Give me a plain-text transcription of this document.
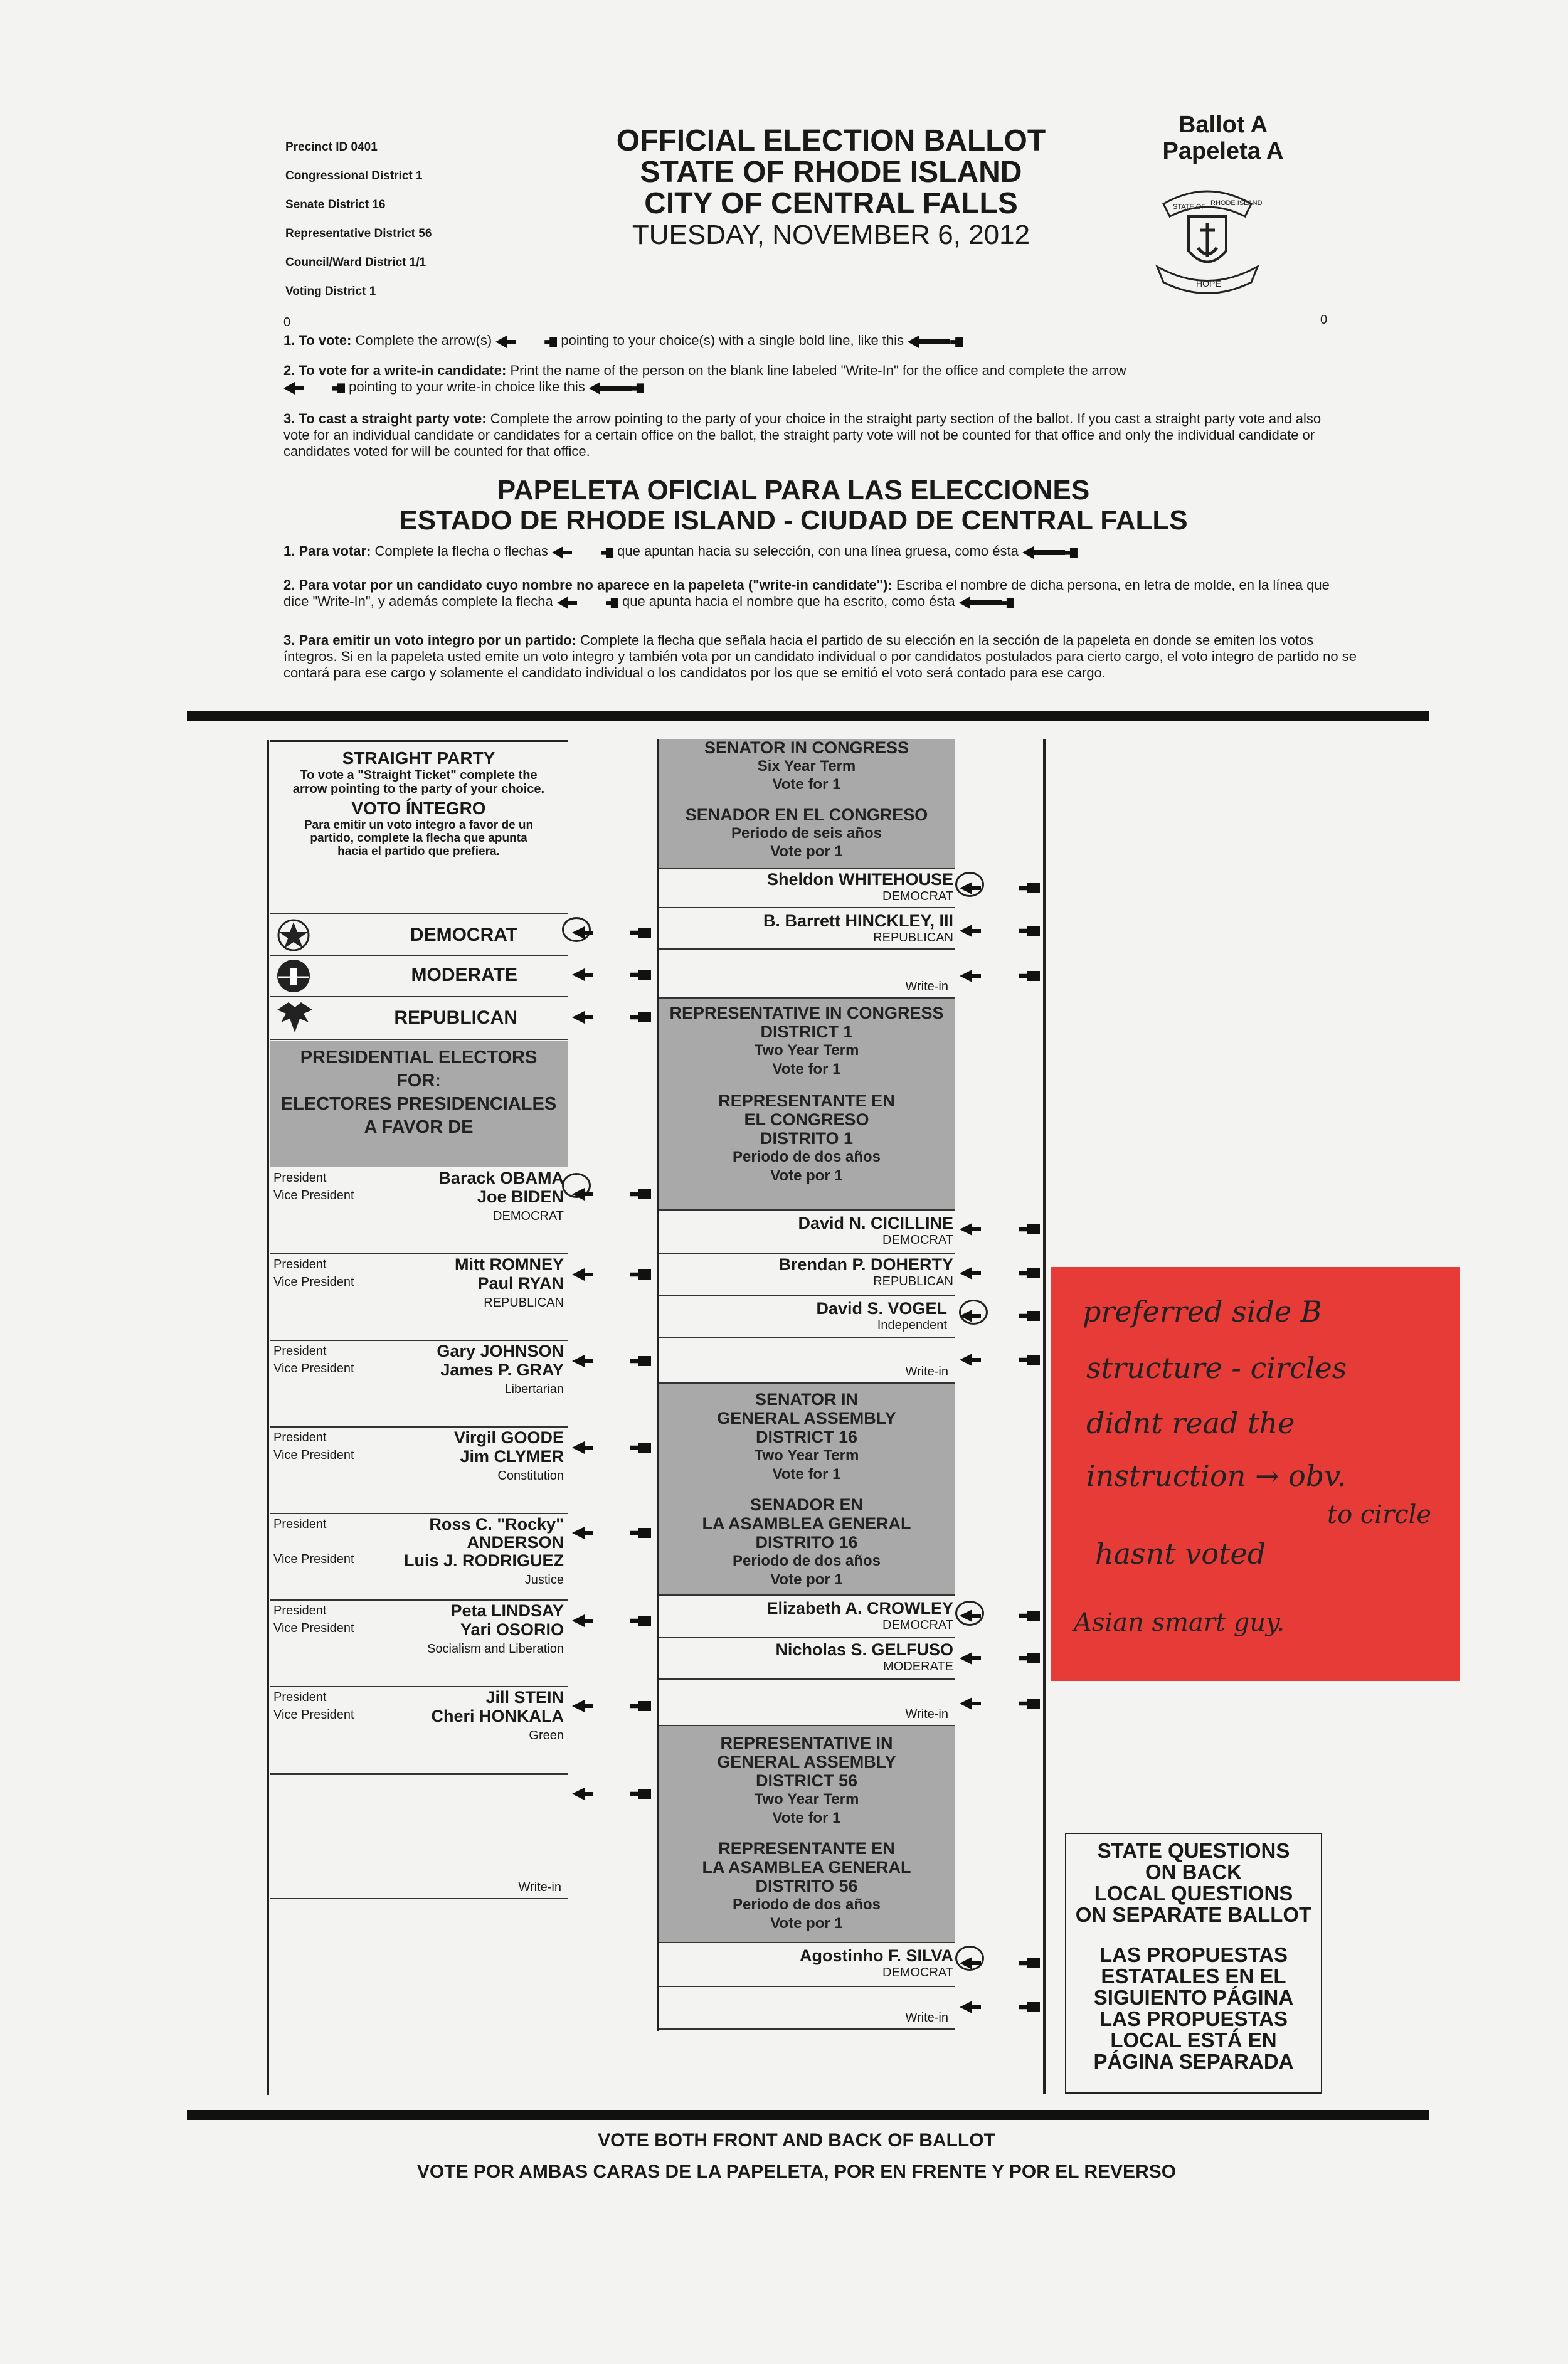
Precinct ID 0401
Congressional District 1
Senate District 16
Representative District 56
Council/Ward District 1/1
Voting District 1
OFFICIAL ELECTION BALLOT
STATE OF RHODE ISLAND
CITY OF CENTRAL FALLS
TUESDAY, NOVEMBER 6, 2012
Ballot A
Papeleta A
STATE OF RHODE ISLAND
HOPE
0	0
1. To vote: Complete the arrow(s)	pointing to your choice(s) with a single bold line, like this
2. To vote for a write-in candidate: Print the name of the person on the blank line labeled "Write-In" for the office and complete the arrow
pointing to your write-in choice like this
3. To cast a straight party vote: Complete the arrow pointing to the party of your choice in the straight party section of the ballot. If you cast a straight party vote and also vote for an individual candidate or candidates for a certain office on the ballot, the straight party vote will not be counted for that office and only the individual candidate or candidates voted for will be counted for that office.
PAPELETA OFICIAL PARA LAS ELECCIONES
ESTADO DE RHODE ISLAND - CIUDAD DE CENTRAL FALLS
1. Para votar: Complete la flecha o flechas	que apuntan hacia su selección, con una línea gruesa, como ésta
2. Para votar por un candidato cuyo nombre no aparece en la papeleta ("write-in candidate"): Escriba el nombre de dicha persona, en letra de molde, en la línea que dice "Write-In", y además complete la flecha	que apunta hacia el nombre que ha escrito, como ésta
3. Para emitir un voto integro por un partido: Complete la flecha que señala hacia el partido de su elección en la sección de la papeleta en donde se emiten los votos íntegros. Si en la papeleta usted emite un voto integro y también vota por un candidato individual o por candidatos postulados para cierto cargo, el voto integro de partido no se contará para ese cargo y solamente el candidato individual o los candidatos por los que se emitió el voto será contado para ese cargo.
STRAIGHT PARTY
To vote a "Straight Ticket" complete the arrow pointing to the party of your choice.
VOTO ÍNTEGRO
Para emitir un voto integro a favor de un partido, complete la flecha que apunta hacia el partido que prefiera.
DEMOCRAT
MODERATE
REPUBLICAN
PRESIDENTIAL ELECTORS
FOR:
ELECTORES PRESIDENCIALES
A FAVOR DE
President
Vice President
Barack OBAMA
Joe BIDEN
DEMOCRAT
President
Vice President
Mitt ROMNEY
Paul RYAN
REPUBLICAN
President
Vice President
Gary JOHNSON
James P. GRAY
Libertarian
President
Vice President
Virgil GOODE
Jim CLYMER
Constitution
President
Vice President
Ross C. "Rocky" ANDERSON
Luis J. RODRIGUEZ
Justice
President
Vice President
Peta LINDSAY
Yari OSORIO
Socialism and Liberation
President
Vice President
Jill STEIN
Cheri HONKALA
Green
Write-in
SENATOR IN CONGRESS
Six Year Term
Vote for 1
SENADOR EN EL CONGRESO
Periodo de seis años
Vote por 1
Sheldon WHITEHOUSE
DEMOCRAT
B. Barrett HINCKLEY, III
REPUBLICAN
Write-in
REPRESENTATIVE IN CONGRESS
DISTRICT 1
Two Year Term
Vote for 1
REPRESENTANTE EN
EL CONGRESO
DISTRITO 1
Periodo de dos años
Vote por 1
David N. CICILLINE
DEMOCRAT
Brendan P. DOHERTY
REPUBLICAN
David S. VOGEL
Independent
Write-in
SENATOR IN
GENERAL ASSEMBLY
DISTRICT 16
Two Year Term
Vote for 1
SENADOR EN
LA ASAMBLEA GENERAL
DISTRITO 16
Periodo de dos años
Vote por 1
Elizabeth A. CROWLEY
DEMOCRAT
Nicholas S. GELFUSO
MODERATE
Write-in
REPRESENTATIVE IN
GENERAL ASSEMBLY
DISTRICT 56
Two Year Term
Vote for 1
REPRESENTANTE EN
LA ASAMBLEA GENERAL
DISTRITO 56
Periodo de dos años
Vote por 1
Agostinho F. SILVA
DEMOCRAT
Write-in
preferred side B
structure - circles
didnt read the
instruction → obv.
to circle
hasnt voted
Asian smart guy.
STATE QUESTIONS
ON BACK
LOCAL QUESTIONS
ON SEPARATE BALLOT
LAS PROPUESTAS
ESTATALES EN EL
SIGUIENTO PÁGINA
LAS PROPUESTAS
LOCAL ESTÁ EN
PÁGINA SEPARADA
VOTE BOTH FRONT AND BACK OF BALLOT
VOTE POR AMBAS CARAS DE LA PAPELETA, POR EN FRENTE Y POR EL REVERSO
